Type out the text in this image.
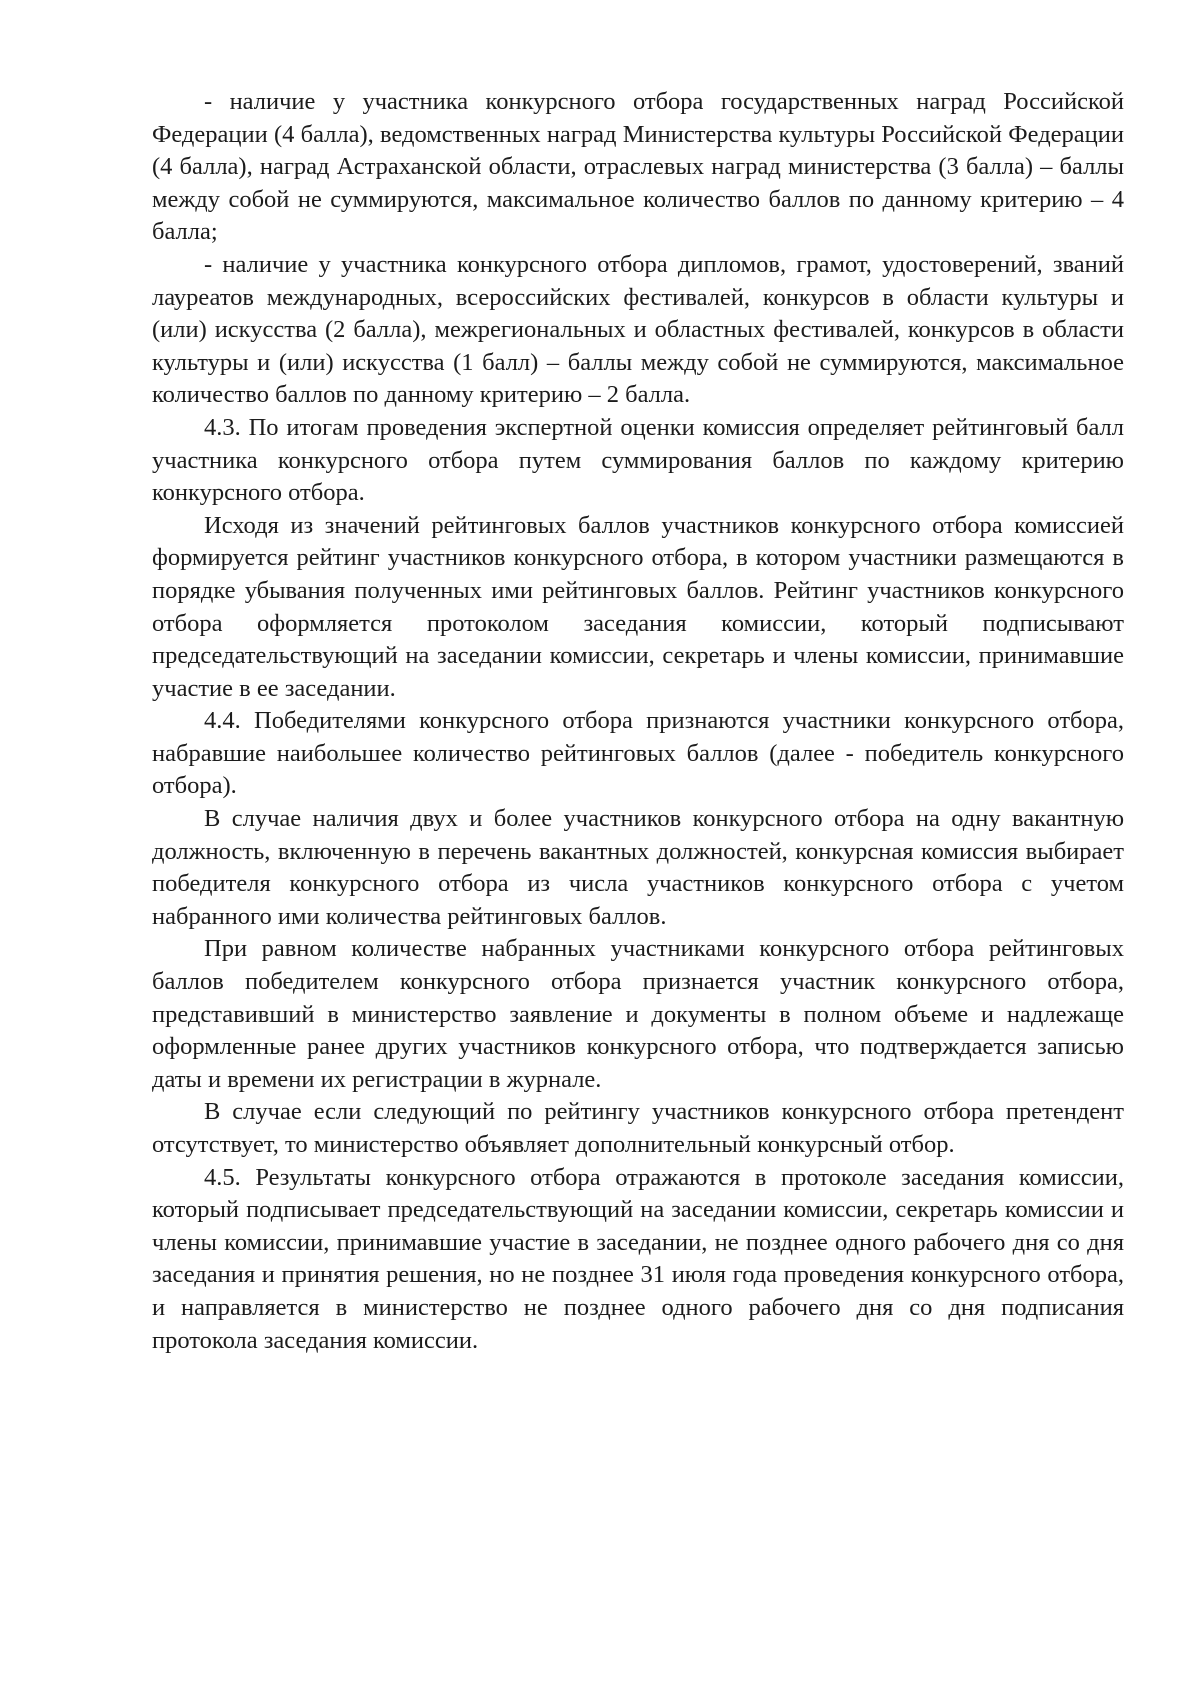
- наличие у участника конкурсного отбора государственных наград Российской Федерации (4 балла), ведомственных наград Министерства культуры Российской Федерации (4 балла), наград Астраханской области, отраслевых наград министерства (3 балла) – баллы между собой не суммируются, максимальное количество баллов по данному критерию – 4 балла;

- наличие у участника конкурсного отбора дипломов, грамот, удостоверений, званий лауреатов международных, всероссийских фестивалей, конкурсов в области культуры и (или) искусства (2 балла), межрегиональных и областных фестивалей, конкурсов в области культуры и (или) искусства (1 балл) – баллы между собой не суммируются, максимальное количество баллов по данному критерию – 2 балла.

4.3. По итогам проведения экспертной оценки комиссия определяет рейтинговый балл участника конкурсного отбора путем суммирования баллов по каждому критерию конкурсного отбора.

Исходя из значений рейтинговых баллов участников конкурсного отбора комиссией формируется рейтинг участников конкурсного отбора, в котором участники размещаются в порядке убывания полученных ими рейтинговых баллов. Рейтинг участников конкурсного отбора оформляется протоколом заседания комиссии, который подписывают председательствующий на заседании комиссии, секретарь и члены комиссии, принимавшие участие в ее заседании.

4.4. Победителями конкурсного отбора признаются участники конкурсного отбора, набравшие наибольшее количество рейтинговых баллов (далее - победитель конкурсного отбора).

В случае наличия двух и более участников конкурсного отбора на одну вакантную должность, включенную в перечень вакантных должностей, конкурсная комиссия выбирает победителя конкурсного отбора из числа участников конкурсного отбора с учетом набранного ими количества рейтинговых баллов.

При равном количестве набранных участниками конкурсного отбора рейтинговых баллов победителем конкурсного отбора признается участник конкурсного отбора, представивший в министерство заявление и документы в полном объеме и надлежаще оформленные ранее других участников конкурсного отбора, что подтверждается записью даты и времени их регистрации в журнале.

В случае если следующий по рейтингу участников конкурсного отбора претендент отсутствует, то министерство объявляет дополнительный конкурсный отбор.

4.5. Результаты конкурсного отбора отражаются в протоколе заседания комиссии, который подписывает председательствующий на заседании комиссии, секретарь комиссии и члены комиссии, принимавшие участие в заседании, не позднее одного рабочего дня со дня заседания и принятия решения, но не позднее 31 июля года проведения конкурсного отбора, и направляется в министерство не позднее одного рабочего дня со дня подписания протокола заседания комиссии.
